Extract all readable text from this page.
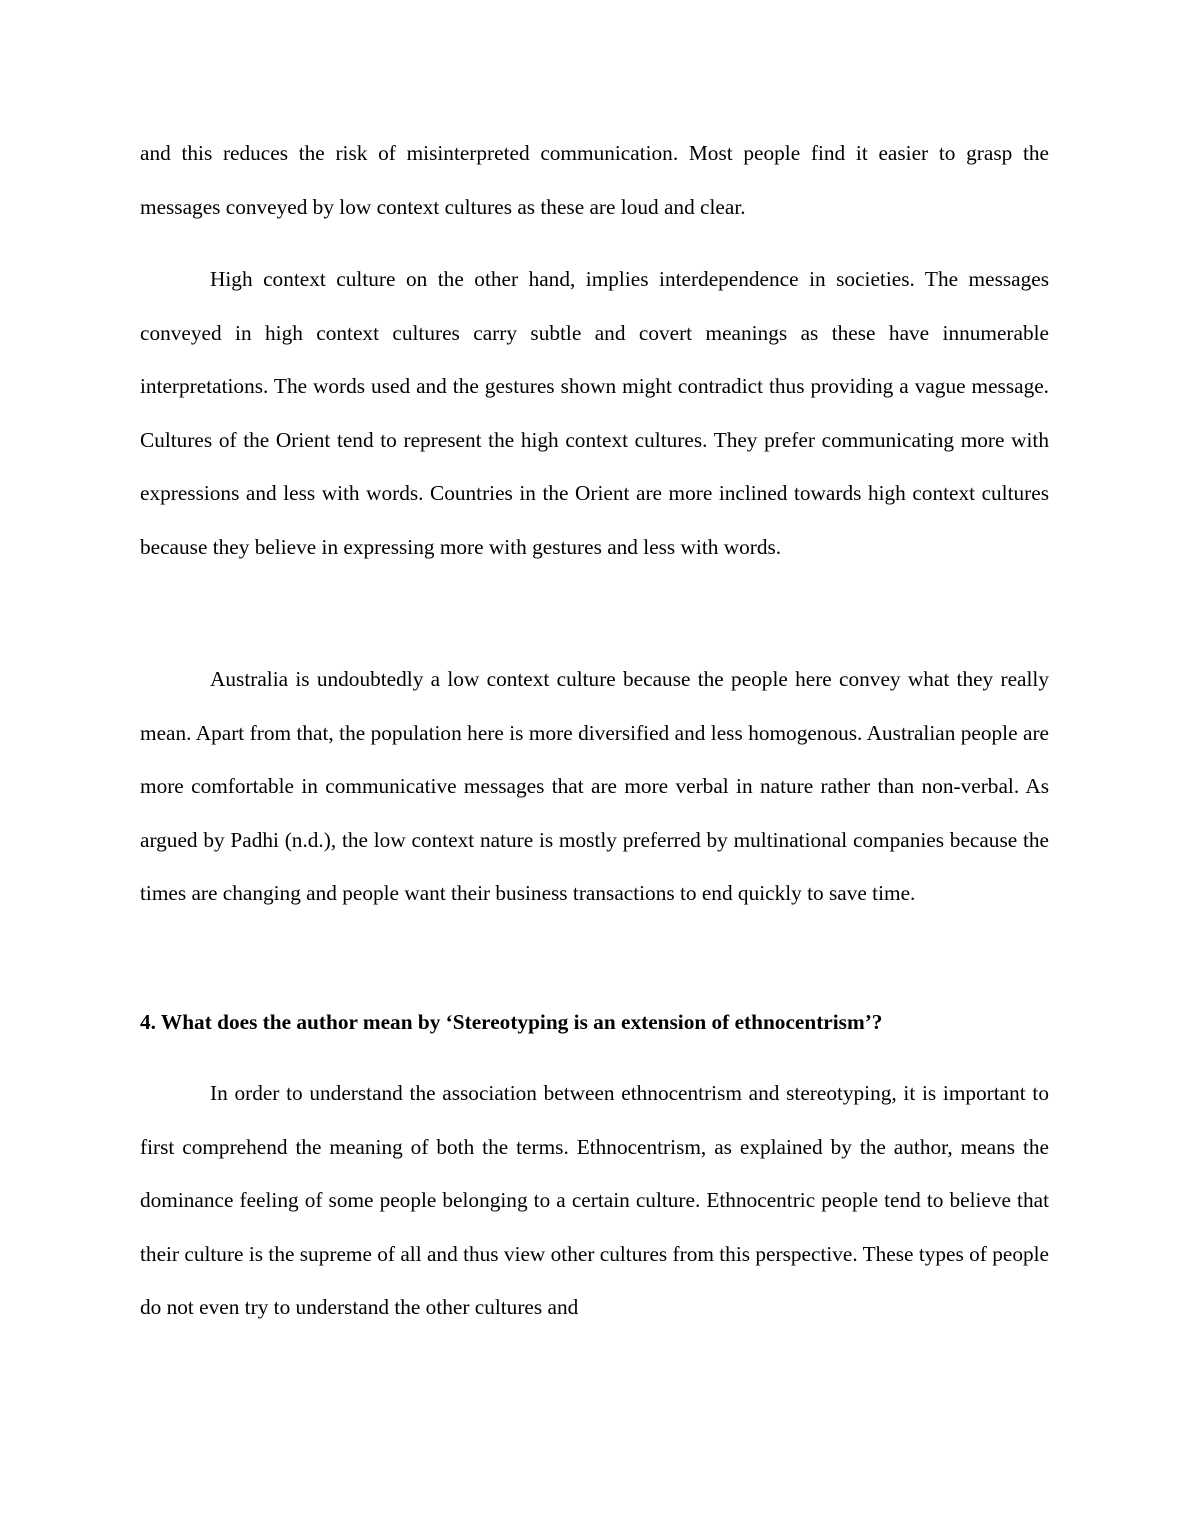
and this reduces the risk of misinterpreted communication. Most people find it easier to grasp the messages conveyed by low context cultures as these are loud and clear.

High context culture on the other hand, implies interdependence in societies. The messages conveyed in high context cultures carry subtle and covert meanings as these have innumerable interpretations. The words used and the gestures shown might contradict thus providing a vague message. Cultures of the Orient tend to represent the high context cultures. They prefer communicating more with expressions and less with words. Countries in the Orient are more inclined towards high context cultures because they believe in expressing more with gestures and less with words.

Australia is undoubtedly a low context culture because the people here convey what they really mean. Apart from that, the population here is more diversified and less homogenous. Australian people are more comfortable in communicative messages that are more verbal in nature rather than non-verbal. As argued by Padhi (n.d.), the low context nature is mostly preferred by multinational companies because the times are changing and people want their business transactions to end quickly to save time.

4. What does the author mean by ‘Stereotyping is an extension of ethnocentrism’?

In order to understand the association between ethnocentrism and stereotyping, it is important to first comprehend the meaning of both the terms. Ethnocentrism, as explained by the author, means the dominance feeling of some people belonging to a certain culture. Ethnocentric people tend to believe that their culture is the supreme of all and thus view other cultures from this perspective. These types of people do not even try to understand the other cultures and
